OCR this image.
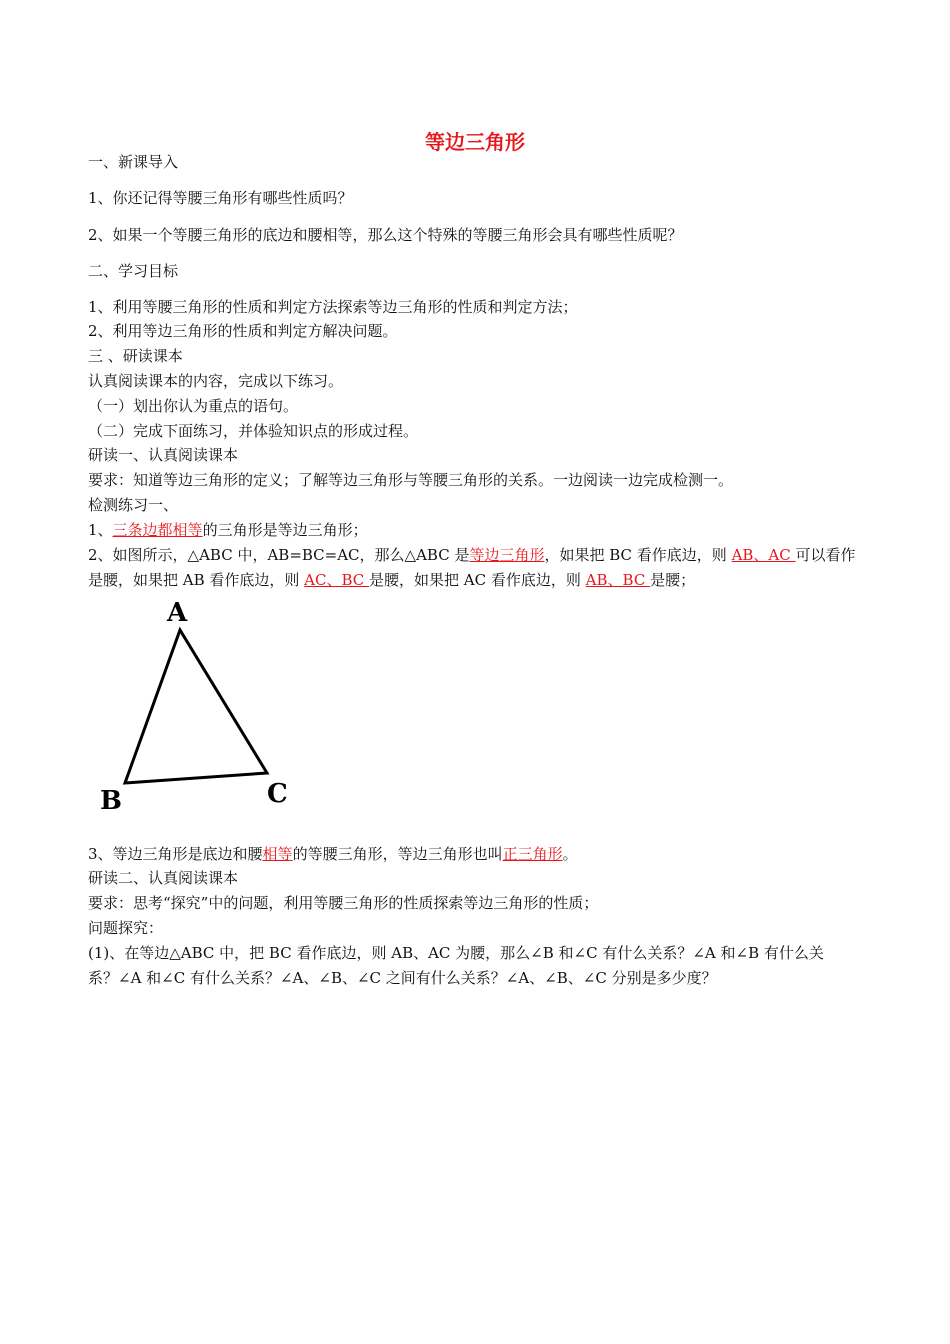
等边三角形
一、新课导入
1、你还记得等腰三角形有哪些性质吗？
2、如果一个等腰三角形的底边和腰相等，那么这个特殊的等腰三角形会具有哪些性质呢？
二、学习目标
1、利用等腰三角形的性质和判定方法探索等边三角形的性质和判定方法；
2、利用等边三角形的性质和判定方解决问题。
三 、研读课本
认真阅读课本的内容，完成以下练习。
（一）划出你认为重点的语句。
（二）完成下面练习，并体验知识点的形成过程。
研读一、认真阅读课本
要求：知道等边三角形的定义；了解等边三角形与等腰三角形的关系。一边阅读一边完成检测一。
检测练习一、
1、三条边都相等的三角形是等边三角形；
2、如图所示，△ABC 中，AB=BC=AC，那么△ABC 是等边三角形，如果把 BC 看作底边，则 AB、AC 可以看作
是腰，如果把 AB 看作底边，则 AC、BC 是腰，如果把 AC 看作底边，则 AB、BC 是腰；
A
B	C
3、等边三角形是底边和腰相等的等腰三角形，等边三角形也叫正三角形。
研读二、认真阅读课本
要求：思考“探究”中的问题，利用等腰三角形的性质探索等边三角形的性质；
问题探究：
(1)、在等边△ABC 中，把 BC 看作底边，则 AB、AC 为腰，那么∠B 和∠C 有什么关系？∠A 和∠B 有什么关
系？∠A 和∠C 有什么关系？∠A、∠B、∠C 之间有什么关系？∠A、∠B、∠C 分别是多少度？
